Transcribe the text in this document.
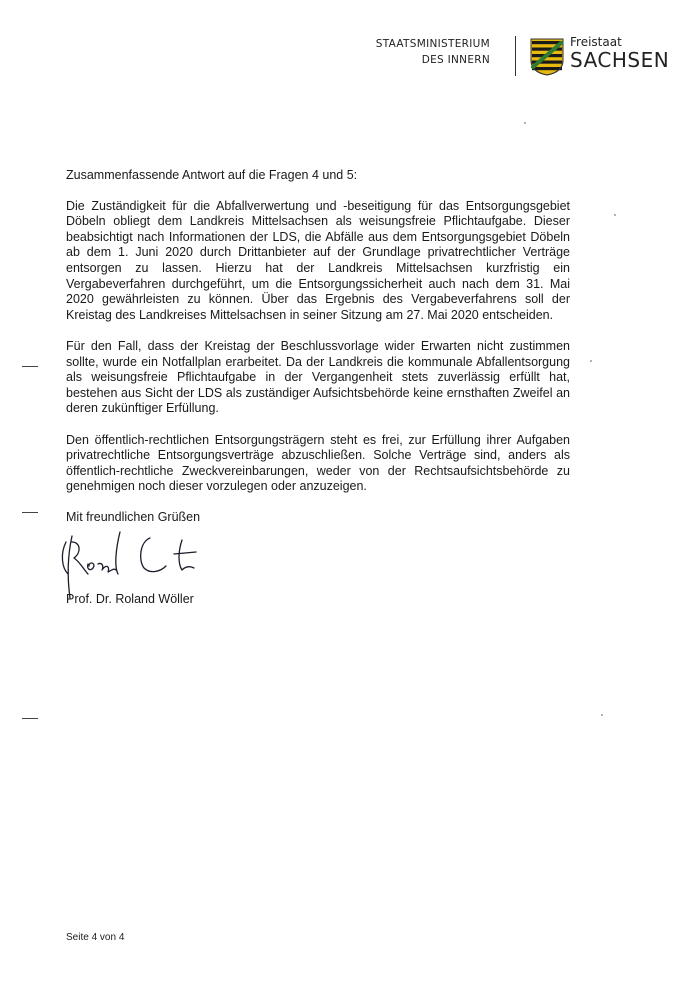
STAATSMINISTERIUM
DES INNERN
Freistaat
SACHSEN

Zusammenfassende Antwort auf die Fragen 4 und 5:

Die Zuständigkeit für die Abfallverwertung und -beseitigung für das Entsorgungsgebiet Döbeln obliegt dem Landkreis Mittelsachsen als weisungsfreie Pflichtaufgabe. Dieser beabsichtigt nach Informationen der LDS, die Abfälle aus dem Entsorgungsgebiet Döbeln ab dem 1. Juni 2020 durch Drittanbieter auf der Grundlage privatrechtlicher Verträge entsorgen zu lassen. Hierzu hat der Landkreis Mittelsachsen kurzfristig ein Vergabeverfahren durchgeführt, um die Entsorgungssicherheit auch nach dem 31. Mai 2020 gewährleisten zu können. Über das Ergebnis des Vergabeverfahrens soll der Kreistag des Landkreises Mittelsachsen in seiner Sitzung am 27. Mai 2020 entscheiden.

Für den Fall, dass der Kreistag der Beschlussvorlage wider Erwarten nicht zustimmen sollte, wurde ein Notfallplan erarbeitet. Da der Landkreis die kommunale Abfallentsorgung als weisungsfreie Pflichtaufgabe in der Vergangenheit stets zuverlässig erfüllt hat, bestehen aus Sicht der LDS als zuständiger Aufsichtsbehörde keine ernsthaften Zweifel an deren zukünftiger Erfüllung.

Den öffentlich-rechtlichen Entsorgungsträgern steht es frei, zur Erfüllung ihrer Aufgaben privatrechtliche Entsorgungsverträge abzuschließen. Solche Verträge sind, anders als öffentlich-rechtliche Zweckvereinbarungen, weder von der Rechtsaufsichtsbehörde zu genehmigen noch dieser vorzulegen oder anzuzeigen.

Mit freundlichen Grüßen

Prof. Dr. Roland Wöller

Seite 4 von 4
